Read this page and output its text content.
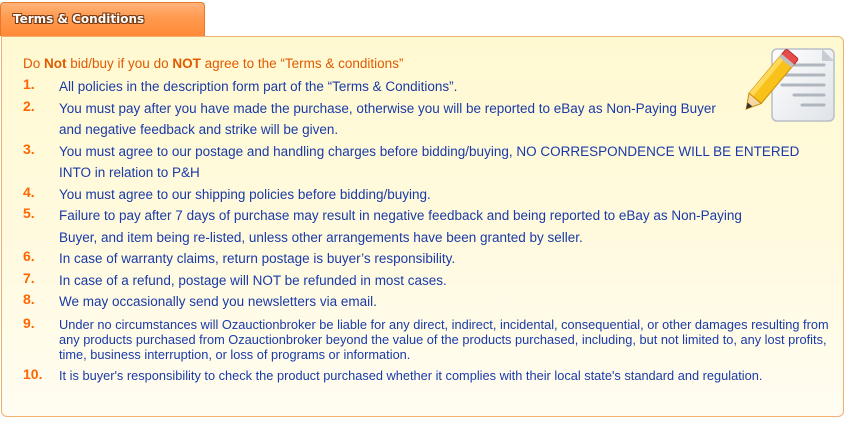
Terms & Conditions
Do Not bid/buy if you do NOT agree to the “Terms & conditions”
1.	All policies in the description form part of the “Terms & Conditions”.
2.	You must pay after you have made the purchase, otherwise you will be reported to eBay as Non-Paying Buyer and negative feedback and strike will be given.
3.	You must agree to our postage and handling charges before bidding/buying, NO CORRESPONDENCE WILL BE ENTERED INTO in relation to P&H
4.	You must agree to our shipping policies before bidding/buying.
5.	Failure to pay after 7 days of purchase may result in negative feedback and being reported to eBay as Non-Paying Buyer, and item being re-listed, unless other arrangements have been granted by seller.
6.	In case of warranty claims, return postage is buyer’s responsibility.
7.	In case of a refund, postage will NOT be refunded in most cases.
8.	We may occasionally send you newsletters via email.
9.	Under no circumstances will Ozauctionbroker be liable for any direct, indirect, incidental, consequential, or other damages resulting from any products purchased from Ozauctionbroker beyond the value of the products purchased, including, but not limited to, any lost profits, time, business interruption, or loss of programs or information.
10.	It is buyer's responsibility to check the product purchased whether it complies with their local state's standard and regulation.
